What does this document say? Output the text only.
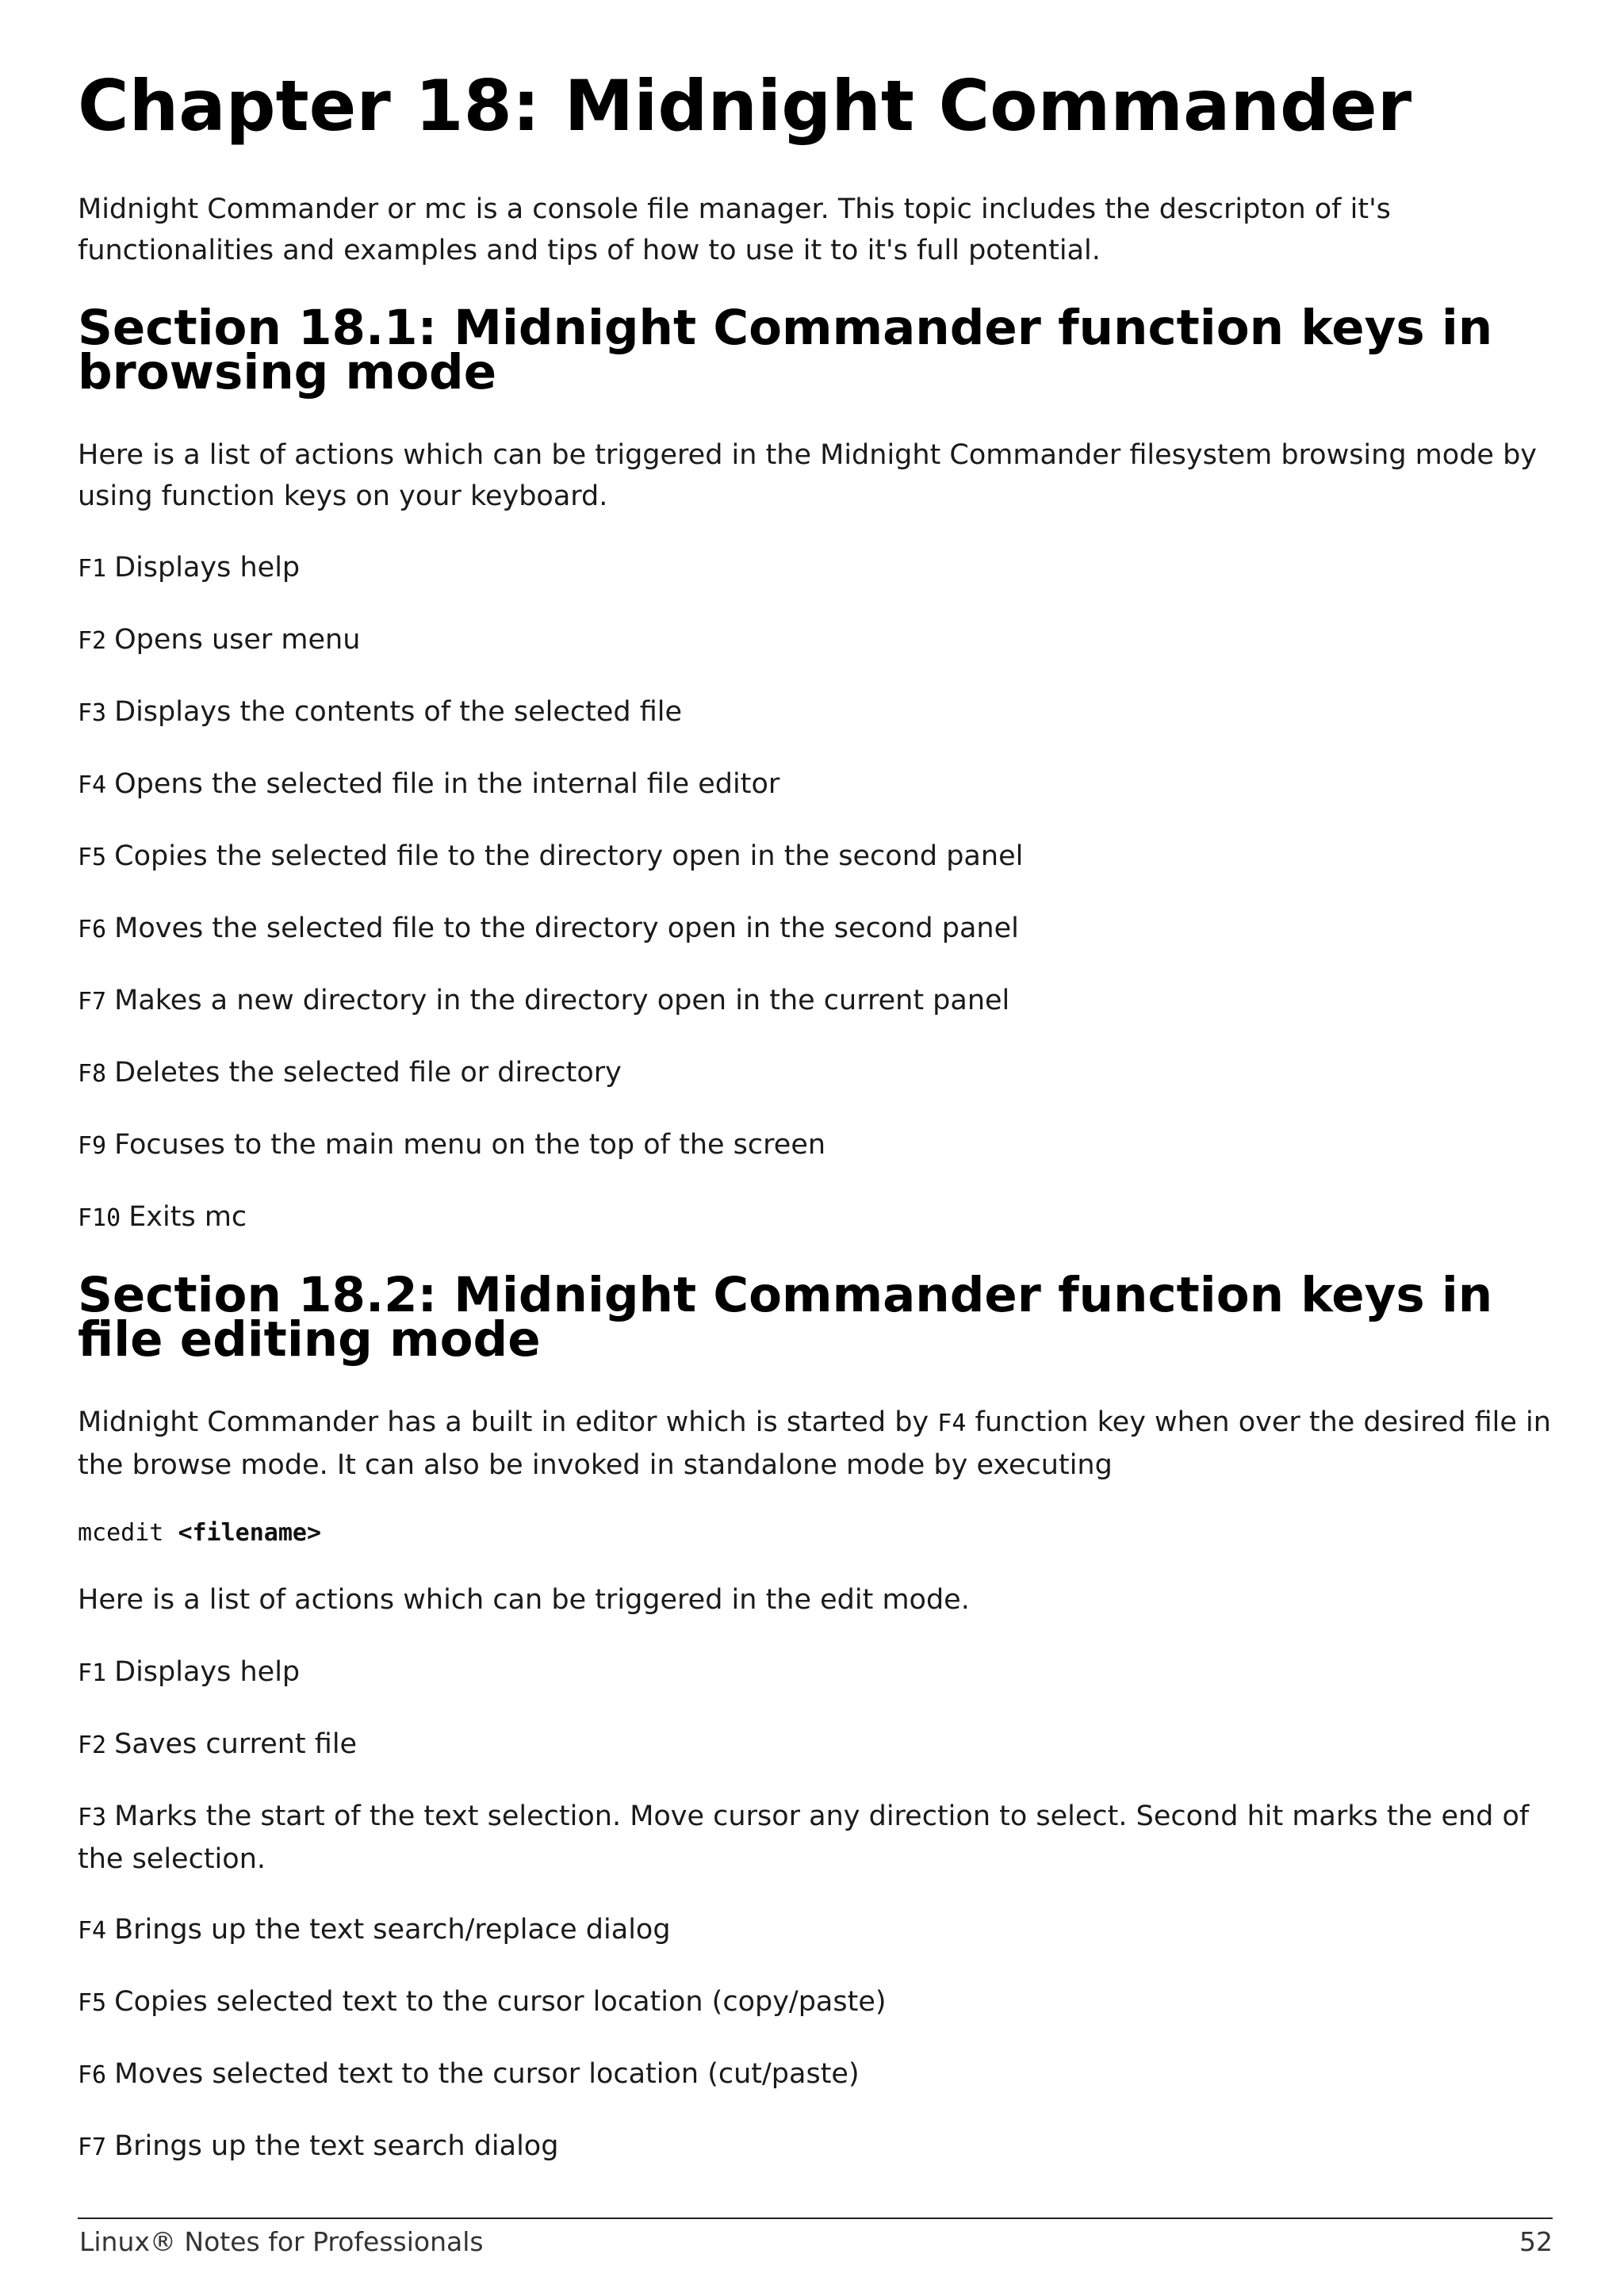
Chapter 18: Midnight Commander

Midnight Commander or mc is a console file manager. This topic includes the descripton of it's functionalities and examples and tips of how to use it to it's full potential.

Section 18.1: Midnight Commander function keys in browsing mode

Here is a list of actions which can be triggered in the Midnight Commander filesystem browsing mode by using function keys on your keyboard.

F1 Displays help

F2 Opens user menu

F3 Displays the contents of the selected file

F4 Opens the selected file in the internal file editor

F5 Copies the selected file to the directory open in the second panel

F6 Moves the selected file to the directory open in the second panel

F7 Makes a new directory in the directory open in the current panel

F8 Deletes the selected file or directory

F9 Focuses to the main menu on the top of the screen

F10 Exits mc

Section 18.2: Midnight Commander function keys in file editing mode

Midnight Commander has a built in editor which is started by F4 function key when over the desired file in the browse mode. It can also be invoked in standalone mode by executing

mcedit <filename>

Here is a list of actions which can be triggered in the edit mode.

F1 Displays help

F2 Saves current file

F3 Marks the start of the text selection. Move cursor any direction to select. Second hit marks the end of the selection.

F4 Brings up the text search/replace dialog

F5 Copies selected text to the cursor location (copy/paste)

F6 Moves selected text to the cursor location (cut/paste)

F7 Brings up the text search dialog

Linux® Notes for Professionals	52
